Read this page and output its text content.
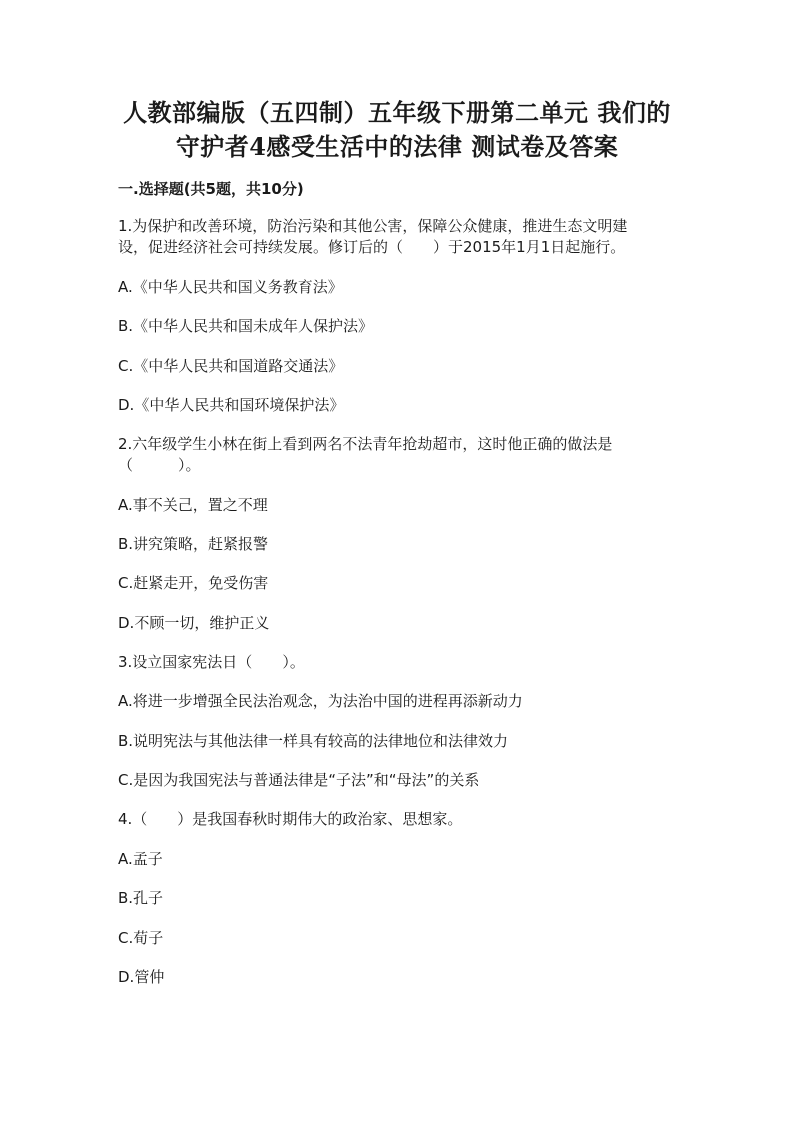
人教部编版（五四制）五年级下册第二单元 我们的
守护者4感受生活中的法律 测试卷及答案
一.选择题(共5题，共10分)
1.为保护和改善环境，防治污染和其他公害，保障公众健康，推进生态文明建
设，促进经济社会可持续发展。修订后的（　　）于2015年1月1日起施行。
A.《中华人民共和国义务教育法》
B.《中华人民共和国未成年人保护法》
C.《中华人民共和国道路交通法》
D.《中华人民共和国环境保护法》
2.六年级学生小林在街上看到两名不法青年抢劫超市，这时他正确的做法是
（　　　）。
A.事不关己，置之不理
B.讲究策略，赶紧报警
C.赶紧走开，免受伤害
D.不顾一切，维护正义
3.设立国家宪法日（　　）。
A.将进一步增强全民法治观念，为法治中国的进程再添新动力
B.说明宪法与其他法律一样具有较高的法律地位和法律效力
C.是因为我国宪法与普通法律是“子法”和“母法”的关系
4.（　　）是我国春秋时期伟大的政治家、思想家。
A.孟子
B.孔子
C.荀子
D.管仲
